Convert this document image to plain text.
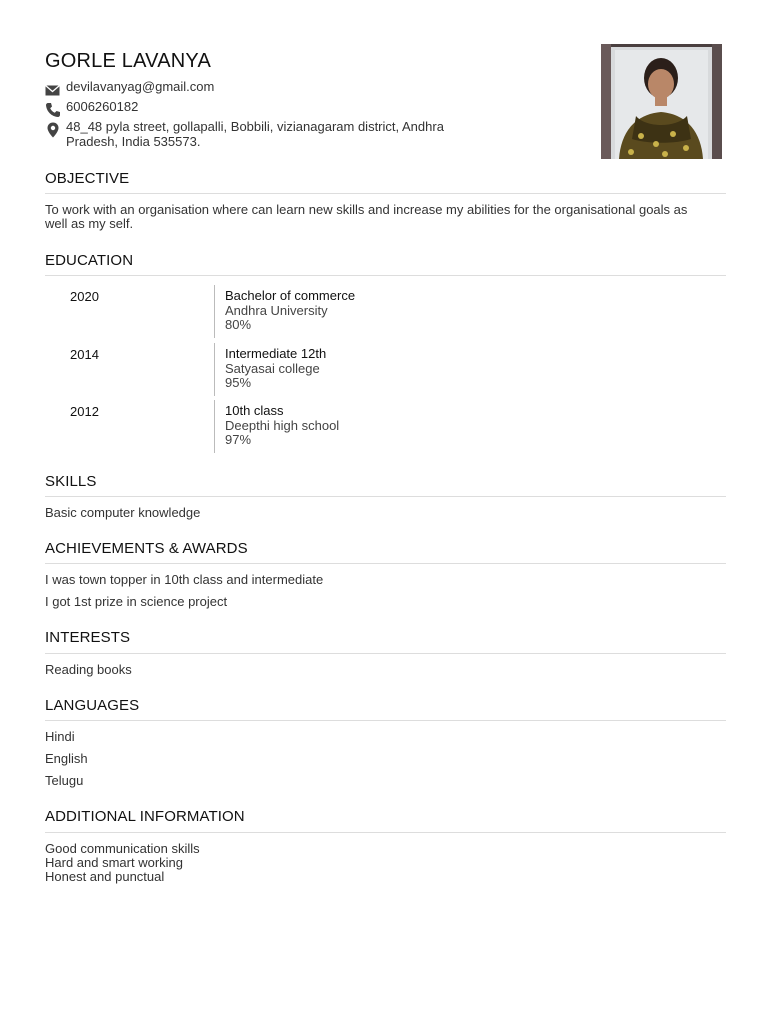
GORLE LAVANYA
devilavanyag@gmail.com
6006260182
48_48 pyla street, gollapalli, Bobbili, vizianagaram district, Andhra
Pradesh, India 535573.
OBJECTIVE
To work with an organisation where can learn new skills and increase my abilities for the organisational goals as
well as my self.
EDUCATION
2020	Bachelor of commerce
Andhra University
80%
2014	Intermediate 12th
Satyasai college
95%
2012	10th class
Deepthi high school
97%
SKILLS
Basic computer knowledge
ACHIEVEMENTS & AWARDS
I was town topper in 10th class and intermediate
I got 1st prize in science project
INTERESTS
Reading books
LANGUAGES
Hindi
English
Telugu
ADDITIONAL INFORMATION
Good communication skills
Hard and smart working
Honest and punctual
